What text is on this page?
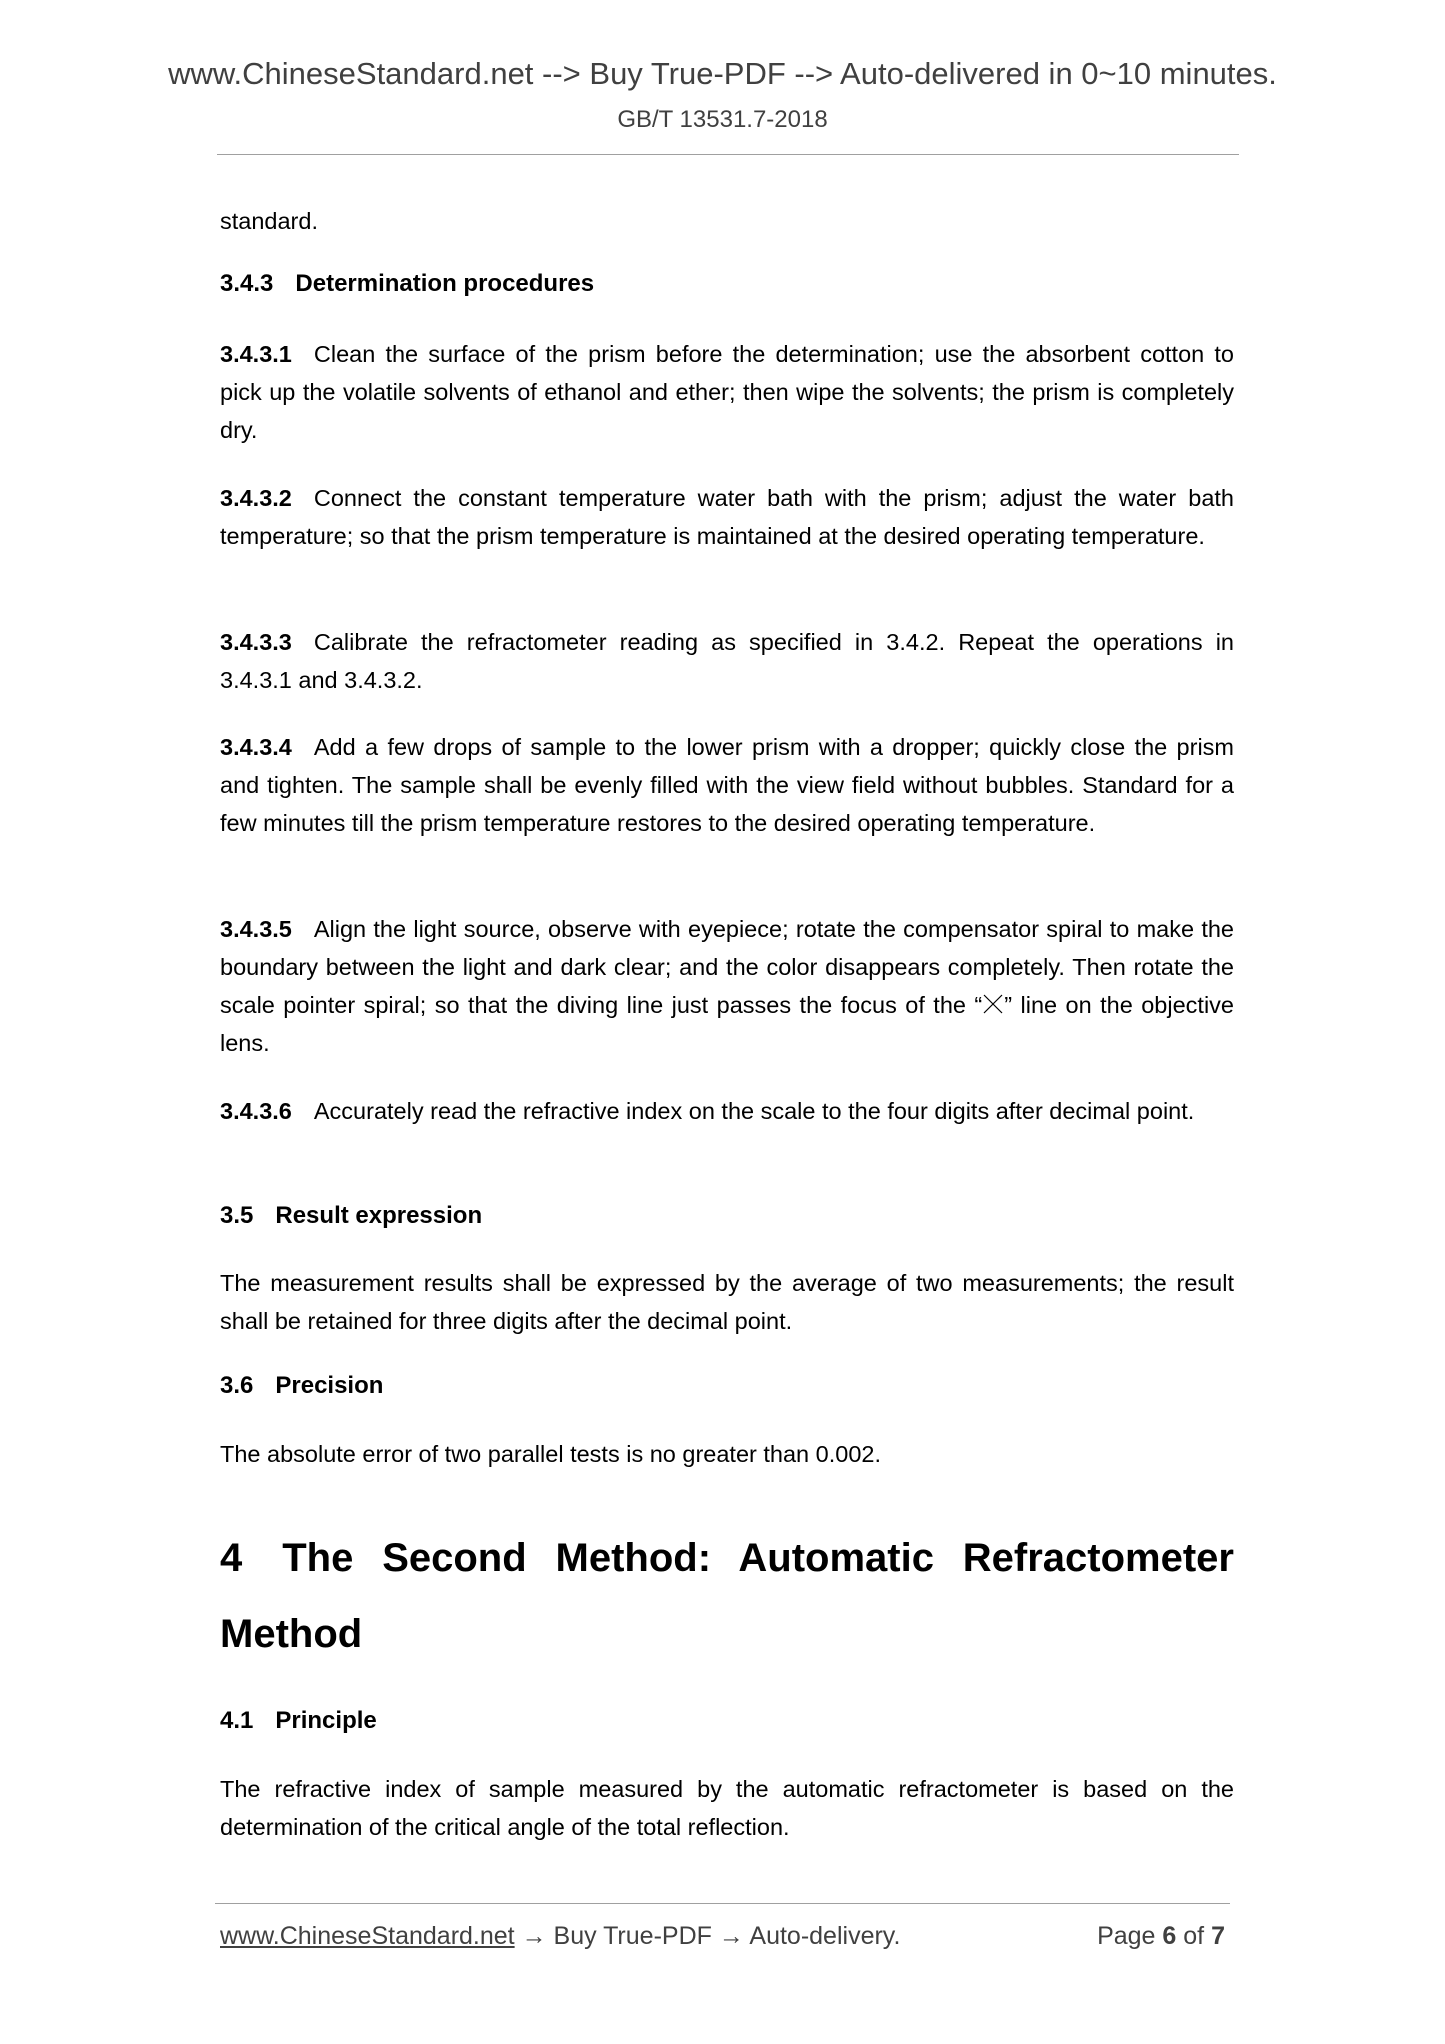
www.ChineseStandard.net --> Buy True-PDF --> Auto-delivered in 0~10 minutes.
GB/T 13531.7-2018
standard.
3.4.3 Determination procedures
3.4.3.1 Clean the surface of the prism before the determination; use the absorbent cotton to pick up the volatile solvents of ethanol and ether; then wipe the solvents; the prism is completely dry.
3.4.3.2 Connect the constant temperature water bath with the prism; adjust the water bath temperature; so that the prism temperature is maintained at the desired operating temperature.
3.4.3.3 Calibrate the refractometer reading as specified in 3.4.2. Repeat the operations in 3.4.3.1 and 3.4.3.2.
3.4.3.4 Add a few drops of sample to the lower prism with a dropper; quickly close the prism and tighten. The sample shall be evenly filled with the view field without bubbles. Standard for a few minutes till the prism temperature restores to the desired operating temperature.
3.4.3.5 Align the light source, observe with eyepiece; rotate the compensator spiral to make the boundary between the light and dark clear; and the color disappears completely. Then rotate the scale pointer spiral; so that the diving line just passes the focus of the “ ” line on the objective lens.
3.4.3.6 Accurately read the refractive index on the scale to the four digits after decimal point.
3.5 Result expression
The measurement results shall be expressed by the average of two measurements; the result shall be retained for three digits after the decimal point.
3.6 Precision
The absolute error of two parallel tests is no greater than 0.002.
4 The Second Method: Automatic Refractometer
Method
4.1 Principle
The refractive index of sample measured by the automatic refractometer is based on the determination of the critical angle of the total reflection.
www.ChineseStandard.net → Buy True-PDF → Auto-delivery.	Page 6 of 7
